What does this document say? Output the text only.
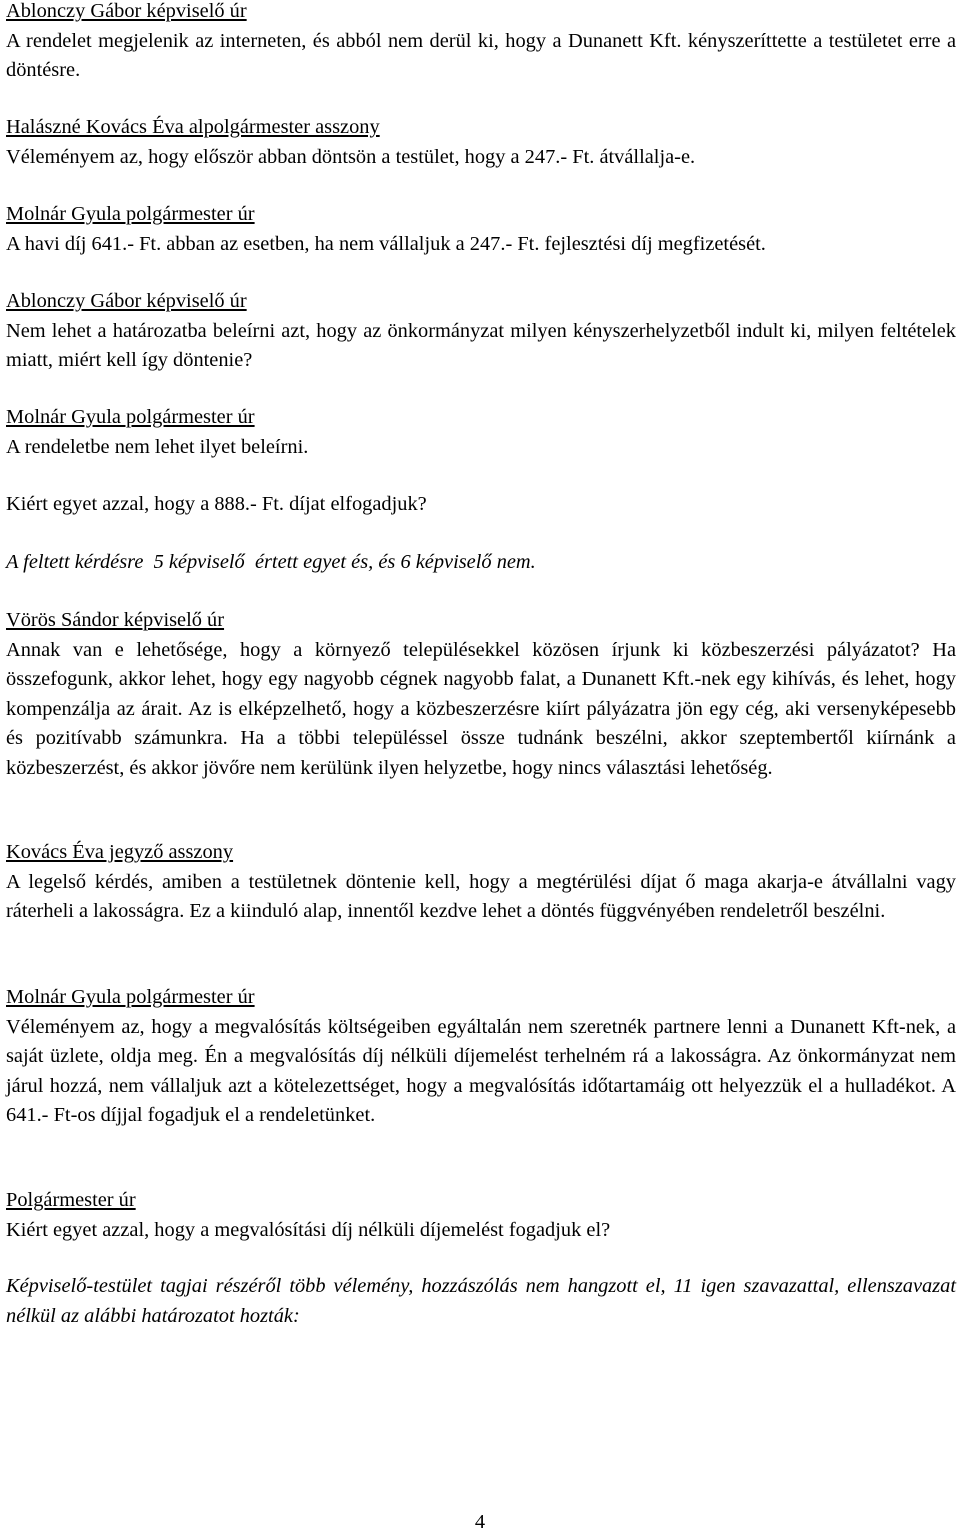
Ablonczy Gábor képviselő úr
A rendelet megjelenik az interneten, és abból nem derül ki, hogy a Dunanett Kft. kényszeríttette a testületet erre a döntésre.
Halászné Kovács Éva alpolgármester asszony
Véleményem az, hogy először abban döntsön a testület, hogy a 247.- Ft. átvállalja-e.
Molnár Gyula polgármester úr
A havi díj 641.- Ft. abban az esetben, ha nem vállaljuk a 247.- Ft. fejlesztési díj megfizetését.
Ablonczy Gábor képviselő úr
Nem lehet a határozatba beleírni azt, hogy az önkormányzat milyen kényszerhelyzetből indult ki, milyen feltételek miatt, miért kell így döntenie?
Molnár Gyula polgármester úr
A rendeletbe nem lehet ilyet beleírni.
Kiért egyet azzal, hogy a 888.- Ft. díjat elfogadjuk?
A feltett kérdésre  5 képviselő  értett egyet és, és 6 képviselő nem.
Vörös Sándor képviselő úr
Annak van e lehetősége, hogy a környező településekkel közösen írjunk ki közbeszerzési pályázatot? Ha összefogunk, akkor lehet, hogy egy nagyobb cégnek nagyobb falat, a Dunanett Kft.-nek egy kihívás, és lehet, hogy kompenzálja az árait. Az is elképzelhető, hogy a közbeszerzésre kiírt pályázatra jön egy cég, aki versenyképesebb és pozitívabb számunkra. Ha a többi településsel össze tudnánk beszélni, akkor szeptembertől kiírnánk a közbeszerzést, és akkor jövőre nem kerülünk ilyen helyzetbe, hogy nincs választási lehetőség.
Kovács Éva jegyző asszony
A legelső kérdés, amiben a testületnek döntenie kell, hogy a megtérülési díjat ő maga akarja-e átvállalni vagy ráterheli a lakosságra. Ez a kiinduló alap, innentől kezdve lehet a döntés függvényében rendeletről beszélni.
Molnár Gyula polgármester úr
Véleményem az, hogy a megvalósítás költségeiben egyáltalán nem szeretnék partnere lenni a Dunanett Kft-nek, a saját üzlete, oldja meg. Én a megvalósítás díj nélküli díjemelést terhelném rá a lakosságra. Az önkormányzat nem járul hozzá, nem vállaljuk azt a kötelezettséget, hogy a megvalósítás időtartamáig ott helyezzük el a hulladékot. A 641.- Ft-os díjjal fogadjuk el a rendeletünket.
Polgármester úr
Kiért egyet azzal, hogy a megvalósítási díj nélküli díjemelést fogadjuk el?
Képviselő-testület tagjai részéről több vélemény, hozzászólás nem hangzott el, 11 igen szavazattal, ellenszavazat nélkül az alábbi határozatot hozták:
4
